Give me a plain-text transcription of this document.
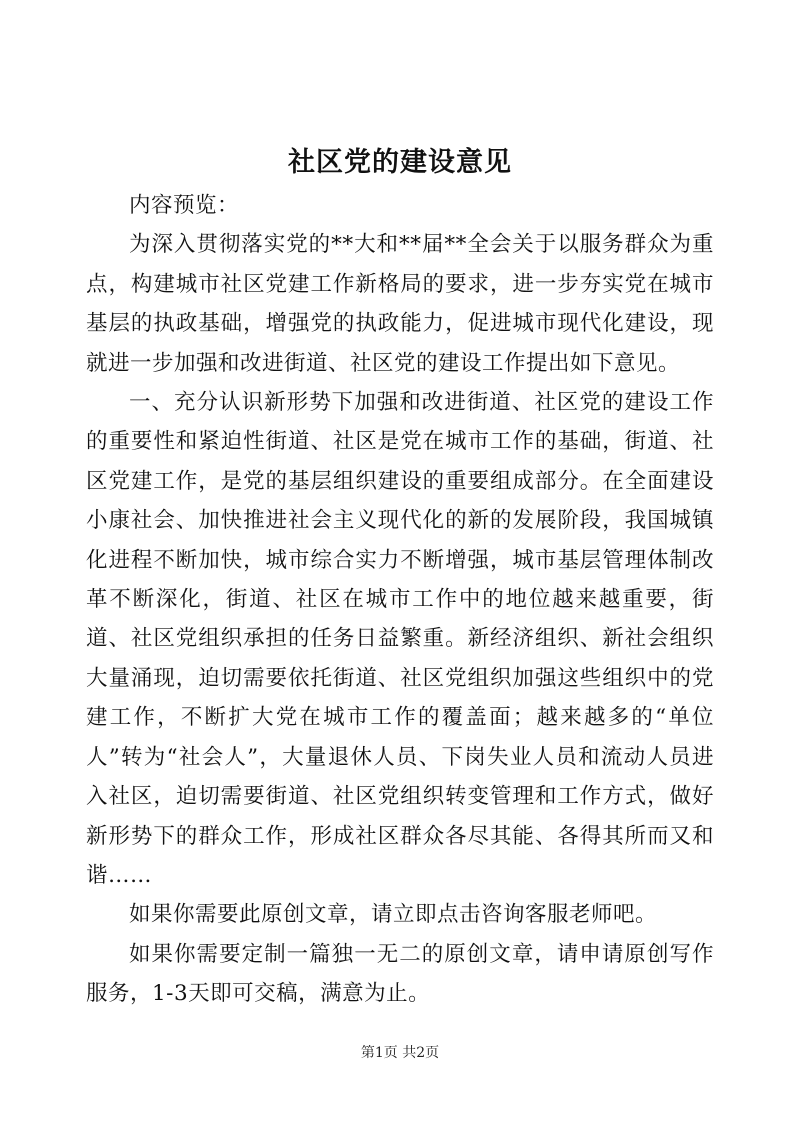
社区党的建设意见

内容预览：

为深入贯彻落实党的**大和**届**全会关于以服务群众为重点，构建城市社区党建工作新格局的要求，进一步夯实党在城市基层的执政基础，增强党的执政能力，促进城市现代化建设，现就进一步加强和改进街道、社区党的建设工作提出如下意见。

一、充分认识新形势下加强和改进街道、社区党的建设工作的重要性和紧迫性街道、社区是党在城市工作的基础，街道、社区党建工作，是党的基层组织建设的重要组成部分。在全面建设小康社会、加快推进社会主义现代化的新的发展阶段，我国城镇化进程不断加快，城市综合实力不断增强，城市基层管理体制改革不断深化，街道、社区在城市工作中的地位越来越重要，街道、社区党组织承担的任务日益繁重。新经济组织、新社会组织大量涌现，迫切需要依托街道、社区党组织加强这些组织中的党建工作，不断扩大党在城市工作的覆盖面；越来越多的“单位人”转为“社会人”，大量退休人员、下岗失业人员和流动人员进入社区，迫切需要街道、社区党组织转变管理和工作方式，做好新形势下的群众工作，形成社区群众各尽其能、各得其所而又和谐……

如果你需要此原创文章，请立即点击咨询客服老师吧。

如果你需要定制一篇独一无二的原创文章，请申请原创写作服务，1-3天即可交稿，满意为止。

第1页 共2页
